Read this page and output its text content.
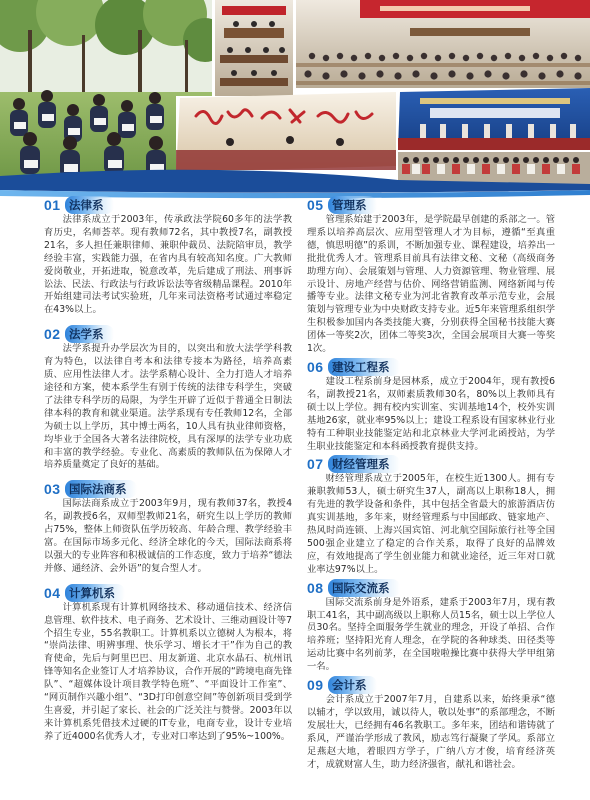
01 法律系

法律系成立于2003年，传承政法学院60多年的法学教育历史，名师荟萃。现有教师72名，其中教授7名，副教授21名，多人担任兼职律师、兼职仲裁员、法院陪审员，教学经验丰富，实践能力强，在省内具有较高知名度。广大教师爱岗敬业，开拓进取，锐意改革，先后建成了刑法、刑事诉讼法、民法、行政法与行政诉讼法等省级精品课程。2010年开始组建司法考试实验班，几年来司法资格考试通过率稳定在43%以上。

02 法学系

法学系提升办学层次为目的，以突出和放大法学学科教育为特色，以法律自考本和法律专接本为路径，培养高素质、应用性法律人才。法学系精心设计、全力打造人才培养途径和方案，使本系学生有别于传统的法律专科学生，突破了法律专科学历的局限，为学生开辟了近似于普通全日制法律本科的教育和就业渠道。法学系现有专任教师12名，全部为硕士以上学历，其中博士两名，10人具有执业律师资格，均毕业于全国各大著名法律院校，具有深厚的法学专业功底和丰富的教学经验。专业化、高素质的教师队伍为保障人才培养质量奠定了良好的基础。

03 国际法商系

国际法商系成立于2003年9月，现有教师37名，教授4名，副教授6名，双师型教师21名，研究生以上学历的教师占75%，整体上师资队伍学历较高、年龄合理、教学经验丰富。在国际市场多元化、经济全球化的今天，国际法商系将以强大的专业阵容和积极诚信的工作态度，致力于培养“德法并修、通经济、会外语”的复合型人才。

04 计算机系

计算机系现有计算机网络技术、移动通信技术、经济信息管理、软件技术、电子商务、艺术设计、三维动画设计等7个招生专业，55名教职工。计算机系以立德树人为根本，将“崇尚法律、明辨事理、快乐学习、增长才干”作为自己的教育使命，先后与阿里巴巴、用友新道、北京水晶石、杭州讯锋等知名企业签订人才培养协议，合作开展的“跨境电商先锋队”、“超媒体设计项目教学特色班”、“平面设计工作室”、“网页制作兴趣小组”、“3D打印创意空间”等创新项目受到学生喜爱，并引起了家长、社会的广泛关注与赞誉。2003年以来计算机系凭借技术过硬的IT专业，电商专业，设计专业培养了近4000名优秀人才，专业对口率达到了95%~100%。

05 管理系

管理系始建于2003年，是学院最早创建的系部之一。管理系以培养高层次、应用型管理人才为目标，遵循“至真重德，慎思明德”的系训，不断加强专业、课程建设，培养出一批批优秀人才。管理系目前具有法律文秘、文秘（高级商务助理方向）、会展策划与管理、人力资源管理、物业管理、展示设计、房地产经营与估价、网络营销监测、网络新闻与传播等专业。法律文秘专业为河北省教育改革示范专业，会展策划与管理专业为中央财政支持专业。近5年来管理系组织学生积极参加国内各类技能大赛，分别获得全国秘书技能大赛团体一等奖2次，团体二等奖3次，全国会展项目大赛一等奖1次。

06 建设工程系

建设工程系前身是园林系，成立于2004年，现有教授6名，副教授21名，双师素质教师30名，80%以上教师具有硕士以上学位。拥有校内实训室、实训基地14个，校外实训基地26家，就业率95%以上；建设工程系设有国家林业行业特有工种职业技能鉴定站和北京林业大学河北函授站，为学生职业技能鉴定和本科函授教育提供支持。

07 财经管理系

财经管理系成立于2005年，在校生近1300人。拥有专兼职教师53人，硕士研究生37人，副高以上职称18人，拥有先进的教学设备和条件，其中包括全省最大的旅游酒店仿真实训基地，多年来，财经管理系与中国邮政、链家地产、热风时尚连锁、上海兴国宾馆、河北航空国际旅行社等全国500强企业建立了稳定的合作关系，取得了良好的品牌效应，有效地提高了学生创业能力和就业途径，近三年对口就业率达97%以上。

08 国际交流系

国际交流系前身是外语系，建系于2003年7月，现有教职工41名，其中副高级以上职称人员15名，硕士以上学位人员30名。坚持全面服务学生就业的理念，开设了单招、合作培养班；坚持阳光育人理念，在学院的各种球类、田径类等运动比赛中名列前茅，在全国啦啦操比赛中获得大学甲组第一名。

09 会计系

会计系成立于2007年7月，自建系以来，始终秉承“德以辅才，学以致用，诚以待人，敬以处事”的系部理念，不断发展壮大，已经拥有46名教职工。多年来，团结和谐铸就了系风，严谨治学形成了教风，励志笃行凝聚了学风。系部立足燕赵大地，着眼四方学子，广纳八方才俊，培育经济英才，成就财富人生，助力经济强省，献礼和谐社会。
